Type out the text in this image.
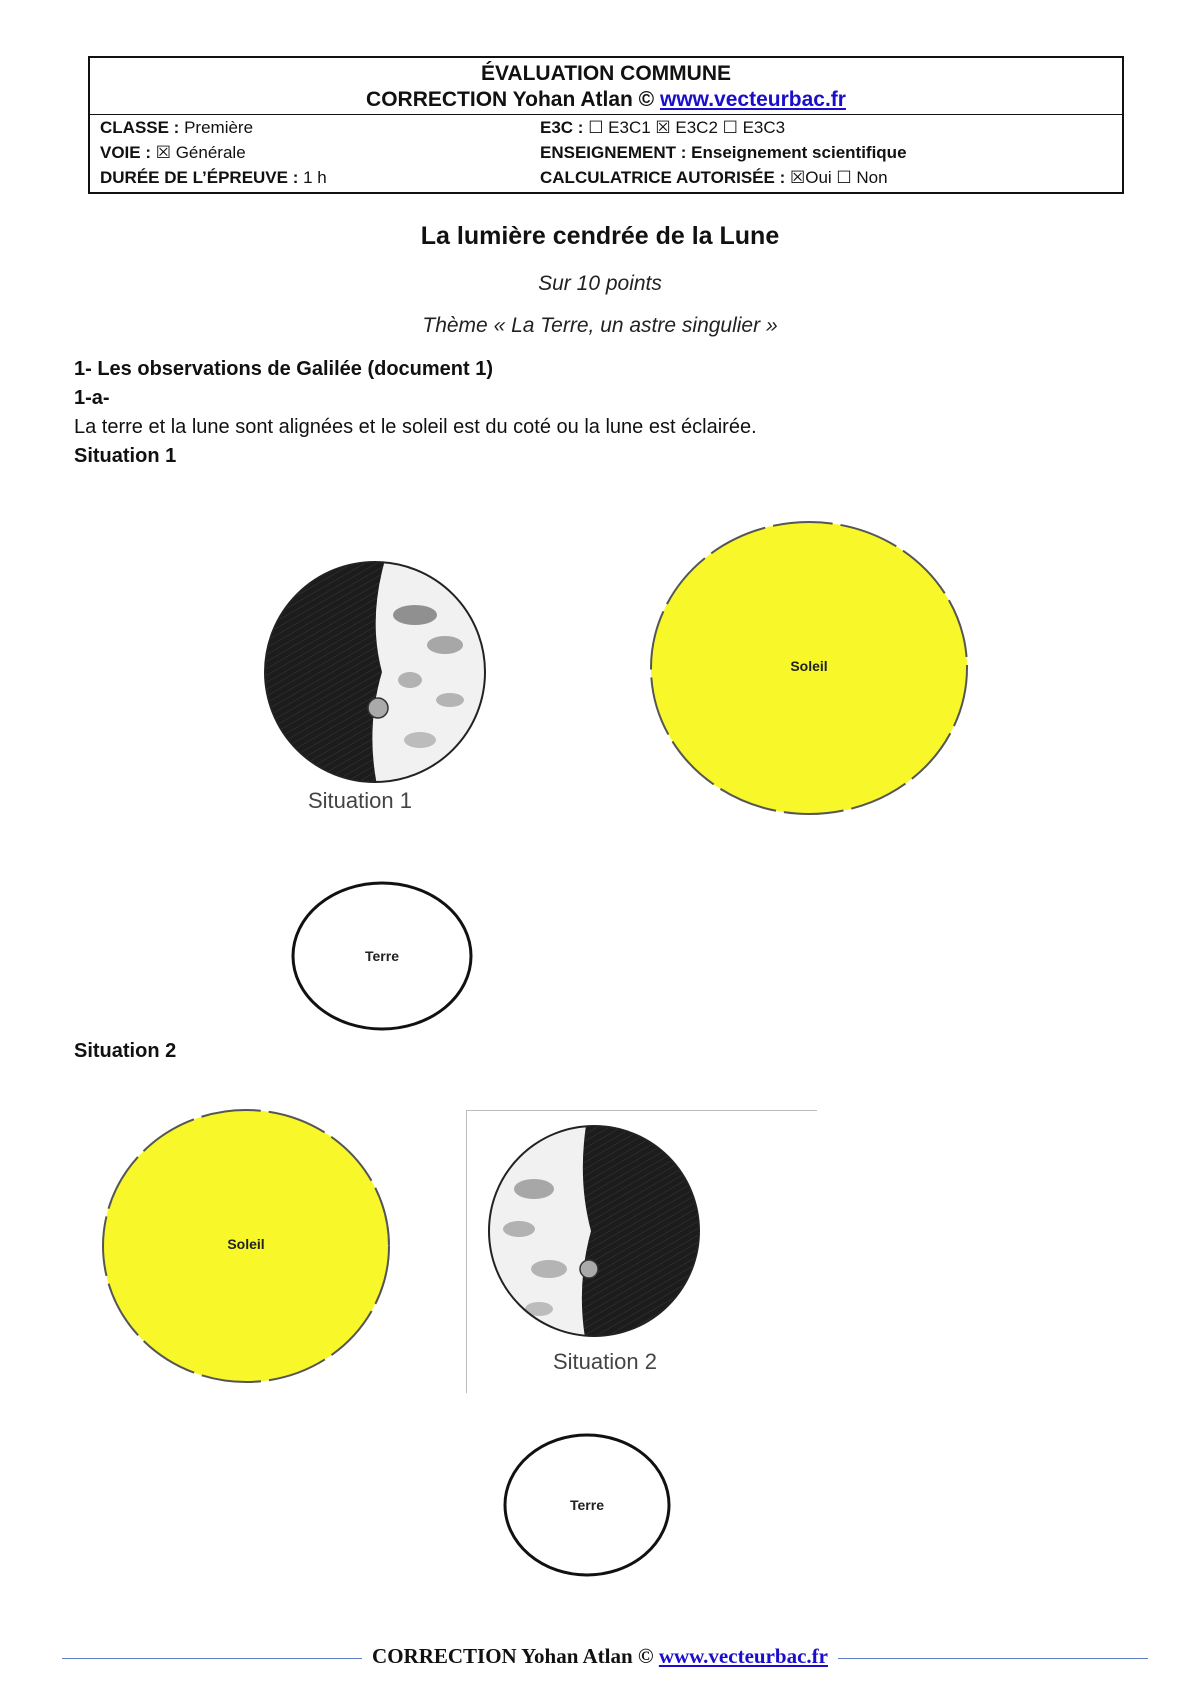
ÉVALUATION COMMUNE
CORRECTION Yohan Atlan © www.vecteurbac.fr
CLASSE : Première
VOIE : ☒ Générale
DURÉE DE L’ÉPREUVE : 1 h
E3C : ☐ E3C1 ☒ E3C2 ☐ E3C3
ENSEIGNEMENT : Enseignement scientifique
CALCULATRICE AUTORISÉE : ☒Oui ☐ Non
La lumière cendrée de la Lune
Sur 10 points
Thème « La Terre, un astre singulier »
1- Les observations de Galilée (document 1)
1-a-
La terre et la lune sont alignées et le soleil est du coté ou la lune est éclairée.
Situation 1
Situation 1
Soleil
Terre
Situation 2
Soleil
Situation 2
Terre
CORRECTION Yohan Atlan © www.vecteurbac.fr
